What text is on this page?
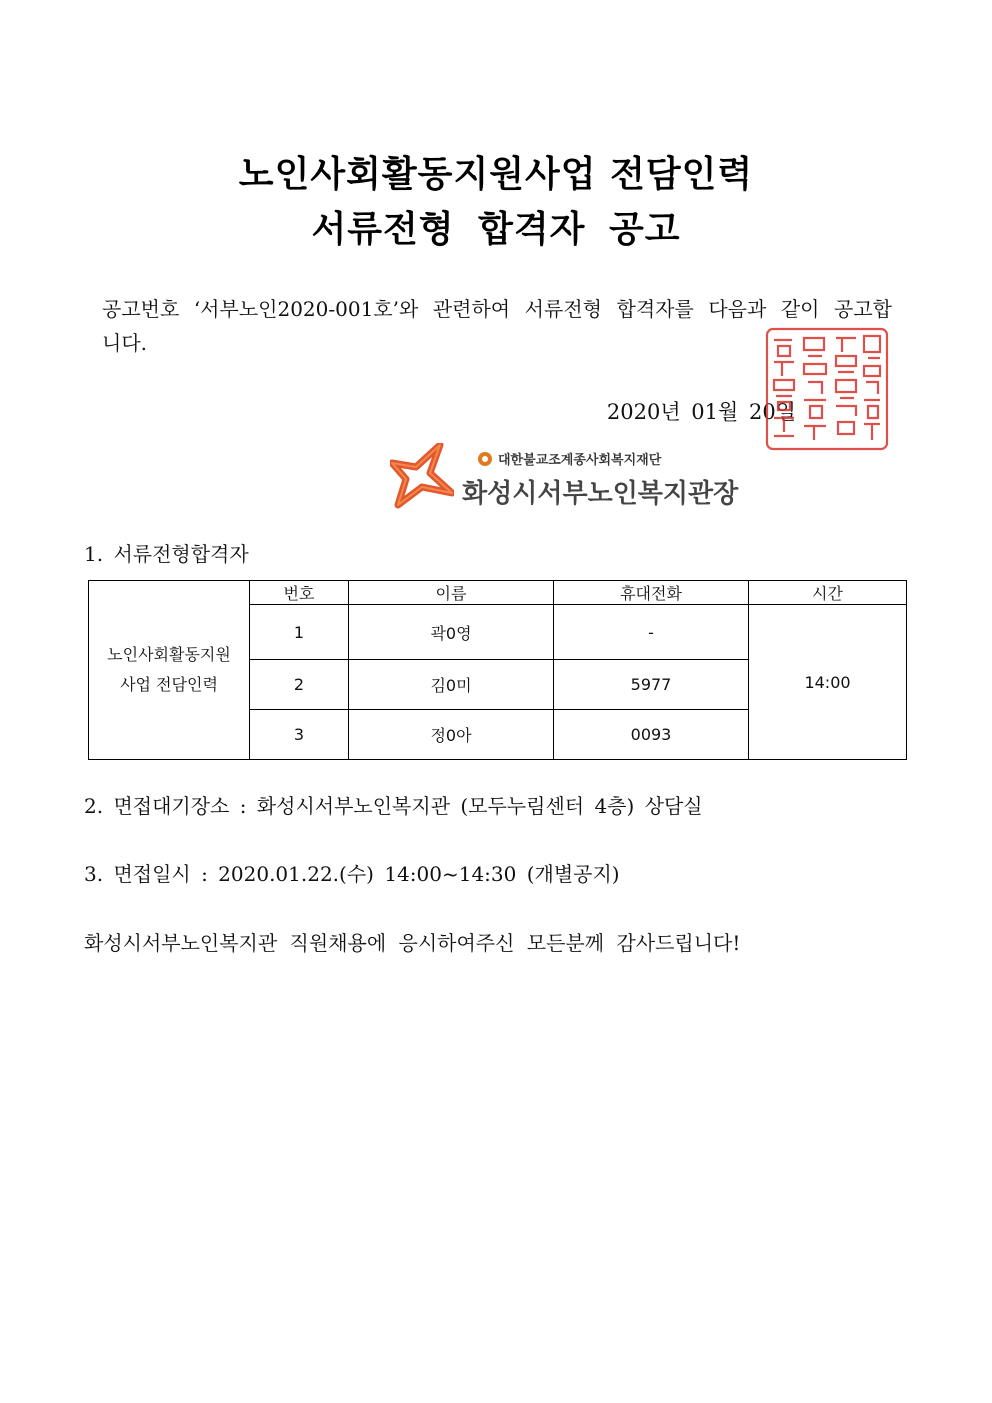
노인사회활동지원사업 전담인력
서류전형 합격자 공고
공고번호 ‘서부노인2020-001호’와 관련하여 서류전형 합격자를 다음과 같이 공고합니다.
2020년 01월 20일
대한불교조계종사회복지재단
화성시서부노인복지관장
1. 서류전형합격자
노인사회활동지원
사업 전담인력	번호	이름	휴대전화	시간
	1	곽0영	-	14:00
	2	김0미	5977	
	3	정0아	0093	
2. 면접대기장소 : 화성시서부노인복지관 (모두누림센터 4층) 상담실
3. 면접일시 : 2020.01.22.(수) 14:00~14:30 (개별공지)
화성시서부노인복지관 직원채용에 응시하여주신 모든분께 감사드립니다!
